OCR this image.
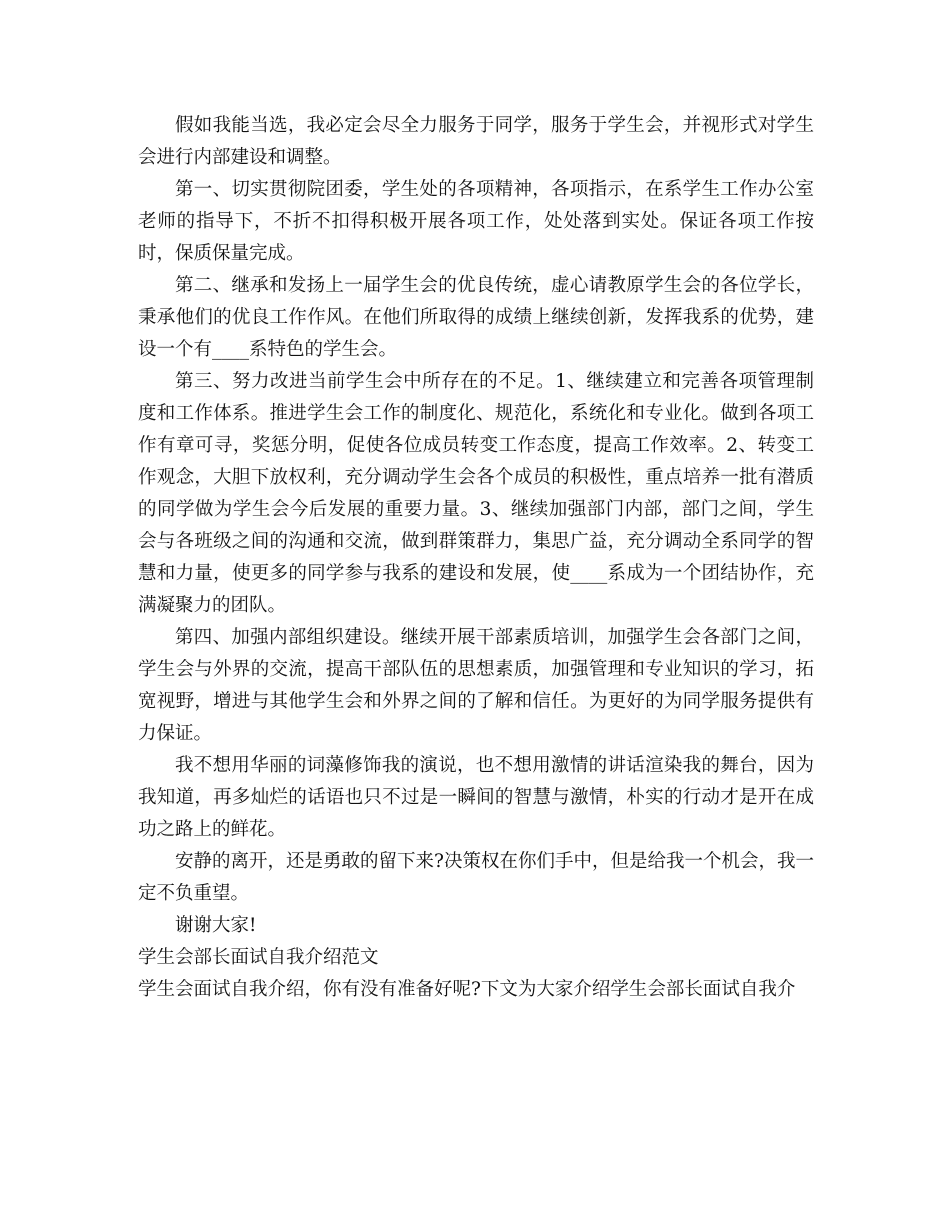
假如我能当选，我必定会尽全力服务于同学，服务于学生会，并视形式对学生会进行内部建设和调整。

第一、切实贯彻院团委，学生处的各项精神，各项指示，在系学生工作办公室老师的指导下，不折不扣得积极开展各项工作，处处落到实处。保证各项工作按时，保质保量完成。

第二、继承和发扬上一届学生会的优良传统，虚心请教原学生会的各位学长，秉承他们的优良工作作风。在他们所取得的成绩上继续创新，发挥我系的优势，建设一个有____系特色的学生会。

第三、努力改进当前学生会中所存在的不足。1、继续建立和完善各项管理制度和工作体系。推进学生会工作的制度化、规范化，系统化和专业化。做到各项工作有章可寻，奖惩分明，促使各位成员转变工作态度，提高工作效率。2、转变工作观念，大胆下放权利，充分调动学生会各个成员的积极性，重点培养一批有潜质的同学做为学生会今后发展的重要力量。3、继续加强部门内部，部门之间，学生会与各班级之间的沟通和交流，做到群策群力，集思广益，充分调动全系同学的智慧和力量，使更多的同学参与我系的建设和发展，使____系成为一个团结协作，充满凝聚力的团队。

第四、加强内部组织建设。继续开展干部素质培训，加强学生会各部门之间，学生会与外界的交流，提高干部队伍的思想素质，加强管理和专业知识的学习，拓宽视野，增进与其他学生会和外界之间的了解和信任。为更好的为同学服务提供有力保证。

我不想用华丽的词藻修饰我的演说，也不想用激情的讲话渲染我的舞台，因为我知道，再多灿烂的话语也只不过是一瞬间的智慧与激情，朴实的行动才是开在成功之路上的鲜花。

安静的离开，还是勇敢的留下来?决策权在你们手中，但是给我一个机会，我一定不负重望。

谢谢大家!

学生会部长面试自我介绍范文

学生会面试自我介绍，你有没有准备好呢?下文为大家介绍学生会部长面试自我介
